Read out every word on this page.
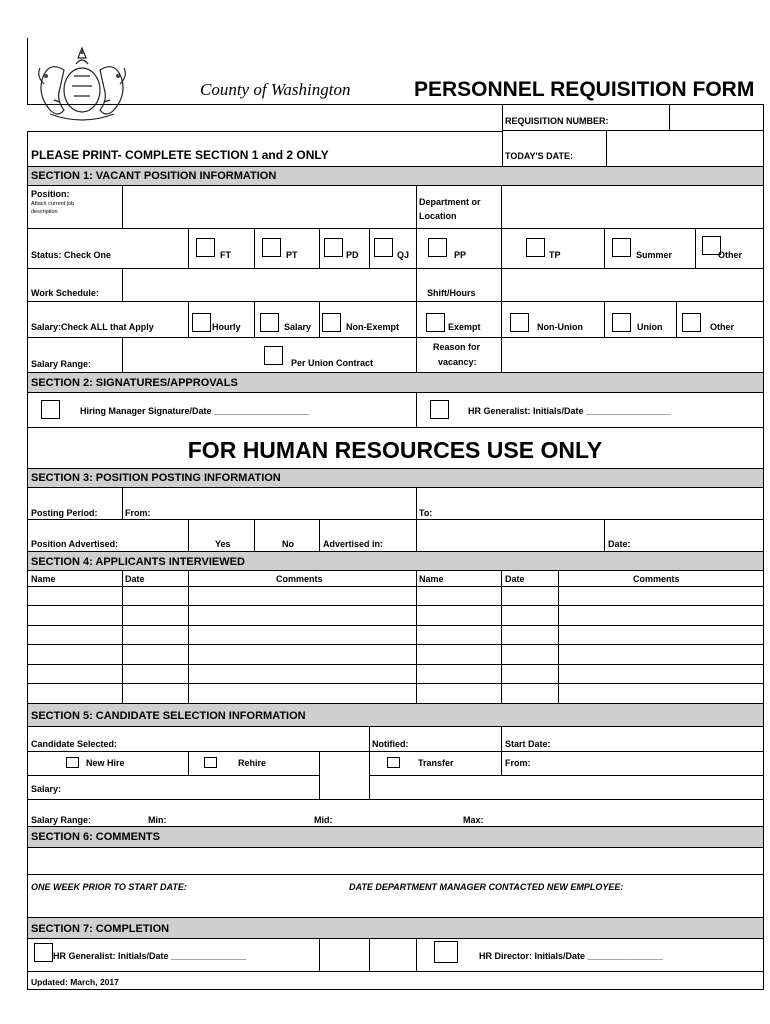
County of Washington	PERSONNEL REQUISITION FORM
REQUISITION NUMBER:
TODAY'S DATE:
PLEASE PRINT- COMPLETE SECTION 1 and 2 ONLY
SECTION 1: VACANT POSITION INFORMATION
Position:
Attach current job
description
Department or
Location
Status: Check One	FT	PT	PD	QJ	PP	TP	Summer	Other
Work Schedule:	Shift/Hours
Salary:Check ALL that Apply	Hourly	Salary	Non-Exempt	Exempt	Non-Union	Union	Other
Salary Range:	Per Union Contract
Reason for
vacancy:
SECTION 2: SIGNATURES/APPROVALS
Hiring Manager Signature/Date ___________________	HR Generalist: Initials/Date _________________
FOR HUMAN RESOURCES USE ONLY
SECTION 3: POSITION POSTING INFORMATION
Posting Period:	From:	To:
Position Advertised:	Yes	No	Advertised in:	Date:
SECTION 4: APPLICANTS INTERVIEWED
Name	Date	Comments	Name	Date	Comments
SECTION 5: CANDIDATE SELECTION INFORMATION
Candidate Selected:	Notified:	Start Date:
New Hire	Rehire	Transfer	From:
Salary:
Salary Range:	Min:	Mid:	Max:
SECTION 6: COMMENTS
ONE WEEK PRIOR TO START DATE:	DATE DEPARTMENT MANAGER CONTACTED NEW EMPLOYEE:
SECTION 7: COMPLETION
HR Generalist: Initials/Date _______________	HR Director: Initials/Date _______________
Updated: March, 2017
